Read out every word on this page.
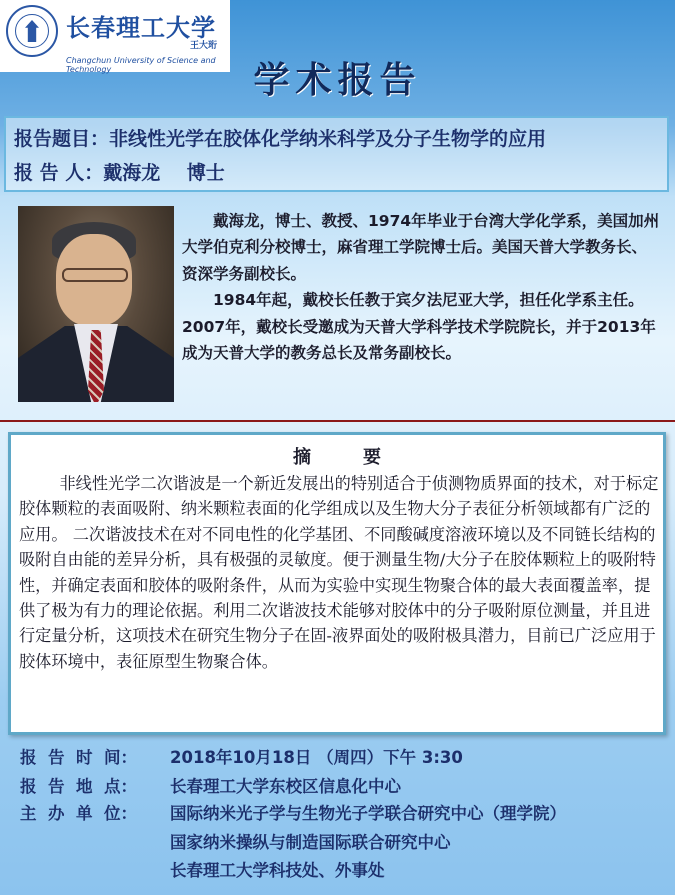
长春理工大学
王大珩
Changchun University of Science and Technology	学术报告
报告题目：非线性光学在胶体化学纳米科学及分子生物学的应用
报 告 人：戴海龙    博士

戴海龙，博士、教授、1974年毕业于台湾大学化学系，美国加州大学伯克利分校博士，麻省理工学院博士后。美国天普大学教务长、资深学务副校长。

1984年起，戴校长任教于宾夕法尼亚大学，担任化学系主任。2007年，戴校长受邀成为天普大学科学技术学院院长，并于2013年成为天普大学的教务总长及常务副校长。

摘要

非线性光学二次谐波是一个新近发展出的特别适合于侦测物质界面的技术，对于标定胶体颗粒的表面吸附、纳米颗粒表面的化学组成以及生物大分子表征分析领域都有广泛的应用。 二次谐波技术在对不同电性的化学基团、不同酸碱度溶液环境以及不同链长结构的吸附自由能的差异分析，具有极强的灵敏度。便于测量生物/大分子在胶体颗粒上的吸附特性，并确定表面和胶体的吸附条件，从而为实验中实现生物聚合体的最大表面覆盖率，提供了极为有力的理论依据。利用二次谐波技术能够对胶体中的分子吸附原位测量，并且进行定量分析，这项技术在研究生物分子在固-液界面处的吸附极具潜力，目前已广泛应用于胶体环境中，表征原型生物聚合体。

报  告  时  间： 2018年10月18日 （周四）下午 3:30
报  告  地  点： 长春理工大学东校区信息化中心
主  办  单  位： 国际纳米光子学与生物光子学联合研究中心（理学院）
国家纳米操纵与制造国际联合研究中心
长春理工大学科技处、外事处
